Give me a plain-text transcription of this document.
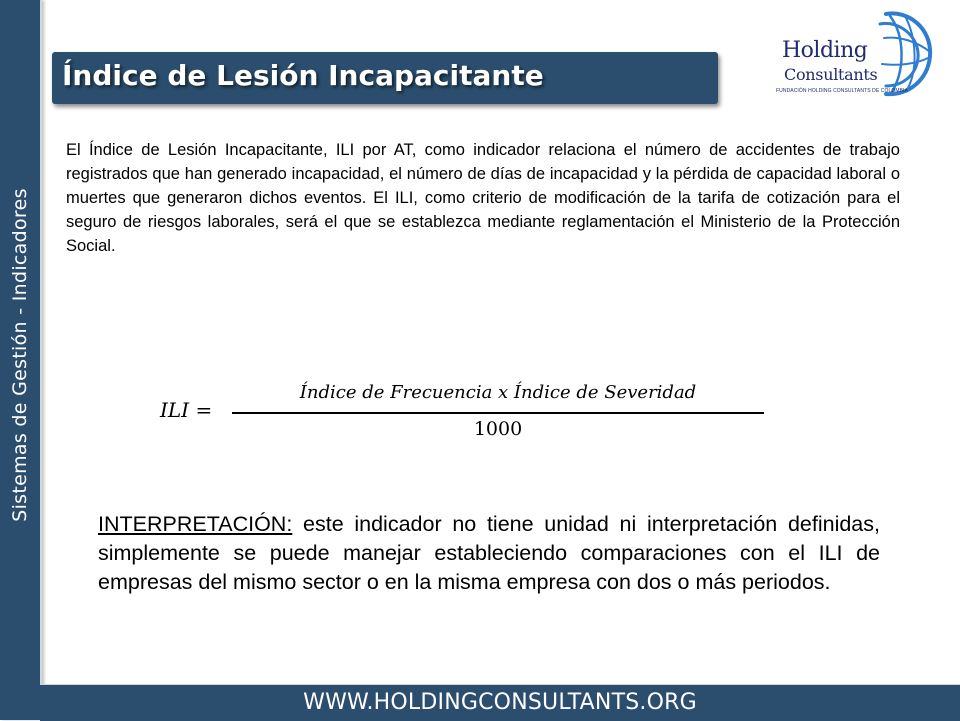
Sistemas de Gestión - Indicadores
Índice de Lesión Incapacitante
Holding
Consultants
FUNDACIÓN HOLDING CONSULTANTS DE COLOMBIA
El Índice de Lesión Incapacitante, ILI por AT, como indicador relaciona el número de accidentes de trabajo registrados que han generado incapacidad, el número de días de incapacidad y la pérdida de capacidad laboral o muertes que generaron dichos eventos. El ILI, como criterio de modificación de la tarifa de cotización para el seguro de riesgos laborales, será el que se establezca mediante reglamentación el Ministerio de la Protección Social.
ILI =
Índice de Frecuencia x Índice de Severidad
1000
INTERPRETACIÓN: este indicador no tiene unidad ni interpretación definidas, simplemente se puede manejar estableciendo comparaciones con el ILI de empresas del mismo sector o en la misma empresa con dos o más periodos.
WWW.HOLDINGCONSULTANTS.ORG
